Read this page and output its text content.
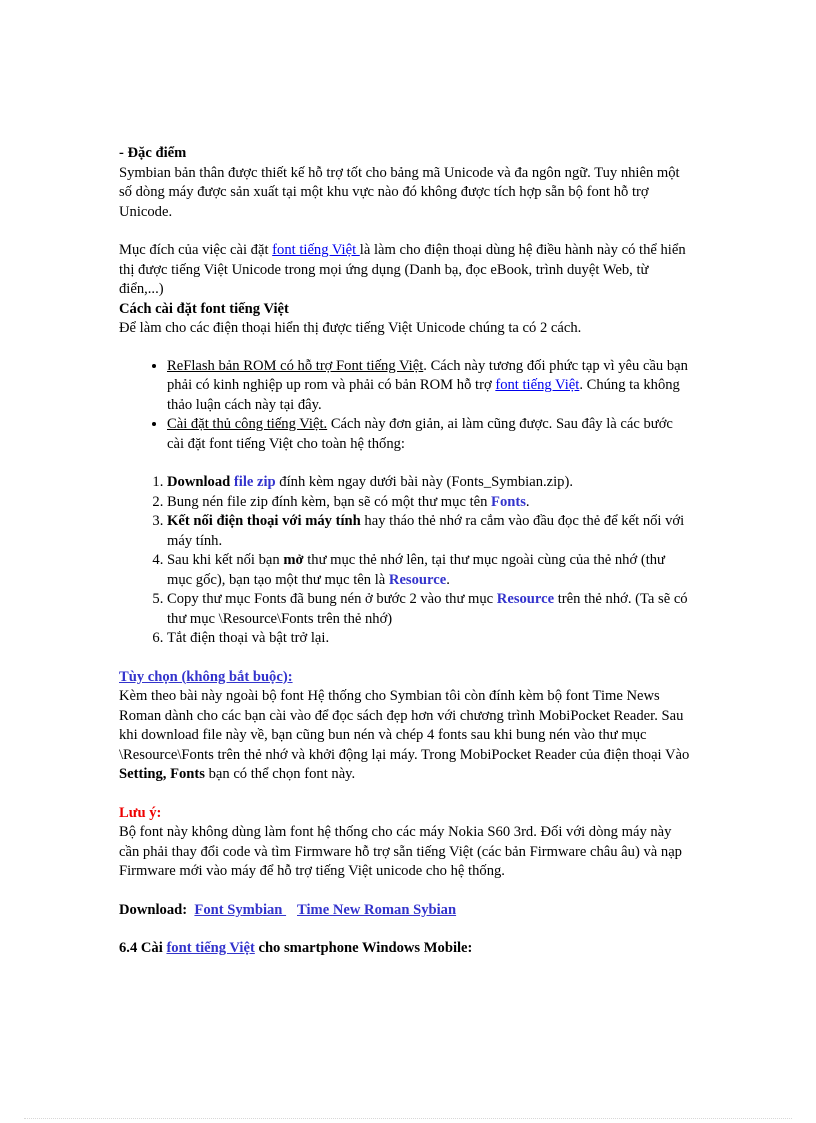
- Đặc điểm

Symbian bản thân được thiết kế hỗ trợ tốt cho bảng mã Unicode và đa ngôn ngữ. Tuy nhiên một số dòng máy được sản xuất tại một khu vực nào đó không được tích hợp sẵn bộ font hỗ trợ Unicode.

Mục đích của việc cài đặt font tiếng Việt là làm cho điện thoại dùng hệ điều hành này có thể hiển thị được tiếng Việt Unicode trong mọi ứng dụng (Danh bạ, đọc eBook, trình duyệt Web, từ điển,...)

Cách cài đặt font tiếng Việt

Để làm cho các điện thoại hiển thị được tiếng Việt Unicode chúng ta có 2 cách.

• ReFlash bản ROM có hỗ trợ Font tiếng Việt. Cách này tương đối phức tạp vì yêu cầu bạn phải có kinh nghiệp up rom và phải có bản ROM hỗ trợ font tiếng Việt. Chúng ta không thảo luận cách này tại đây.
• Cài đặt thủ công tiếng Việt. Cách này đơn giản, ai làm cũng được. Sau đây là các bước cài đặt font tiếng Việt cho toàn hệ thống:
1. Download file zip đính kèm ngay dưới bài này (Fonts_Symbian.zip).
2. Bung nén file zip đính kèm, bạn sẽ có một thư mục tên Fonts.
3. Kết nối điện thoại với máy tính hay tháo thẻ nhớ ra cắm vào đầu đọc thẻ để kết nối với máy tính.
4. Sau khi kết nối bạn mở thư mục thẻ nhớ lên, tại thư mục ngoài cùng của thẻ nhớ (thư mục gốc), bạn tạo một thư mục tên là Resource.
5. Copy thư mục Fonts đã bung nén ở bước 2 vào thư mục Resource trên thẻ nhớ. (Ta sẽ có thư mục \Resource\Fonts trên thẻ nhớ)
6. Tắt điện thoại và bật trở lại.

Tùy chọn (không bắt buộc):

Kèm theo bài này ngoài bộ font Hệ thống cho Symbian tôi còn đính kèm bộ font Time News Roman dành cho các bạn cài vào để đọc sách đẹp hơn với chương trình MobiPocket Reader. Sau khi download file này về, bạn cũng bun nén và chép 4 fonts sau khi bung nén vào thư mục \Resource\Fonts trên thẻ nhớ và khởi động lại máy. Trong MobiPocket Reader của điện thoại Vào Setting, Fonts bạn có thể chọn font này.

Lưu ý:

Bộ font này không dùng làm font hệ thống cho các máy Nokia S60 3rd. Đối với dòng máy này cần phải thay đổi code và tìm Firmware hỗ trợ sẵn tiếng Việt (các bản Firmware châu âu) và nạp Firmware mới vào máy để hỗ trợ tiếng Việt unicode cho hệ thống.

Download: Font Symbian    Time New Roman Sybian

6.4 Cài font tiếng Việt cho smartphone Windows Mobile:
